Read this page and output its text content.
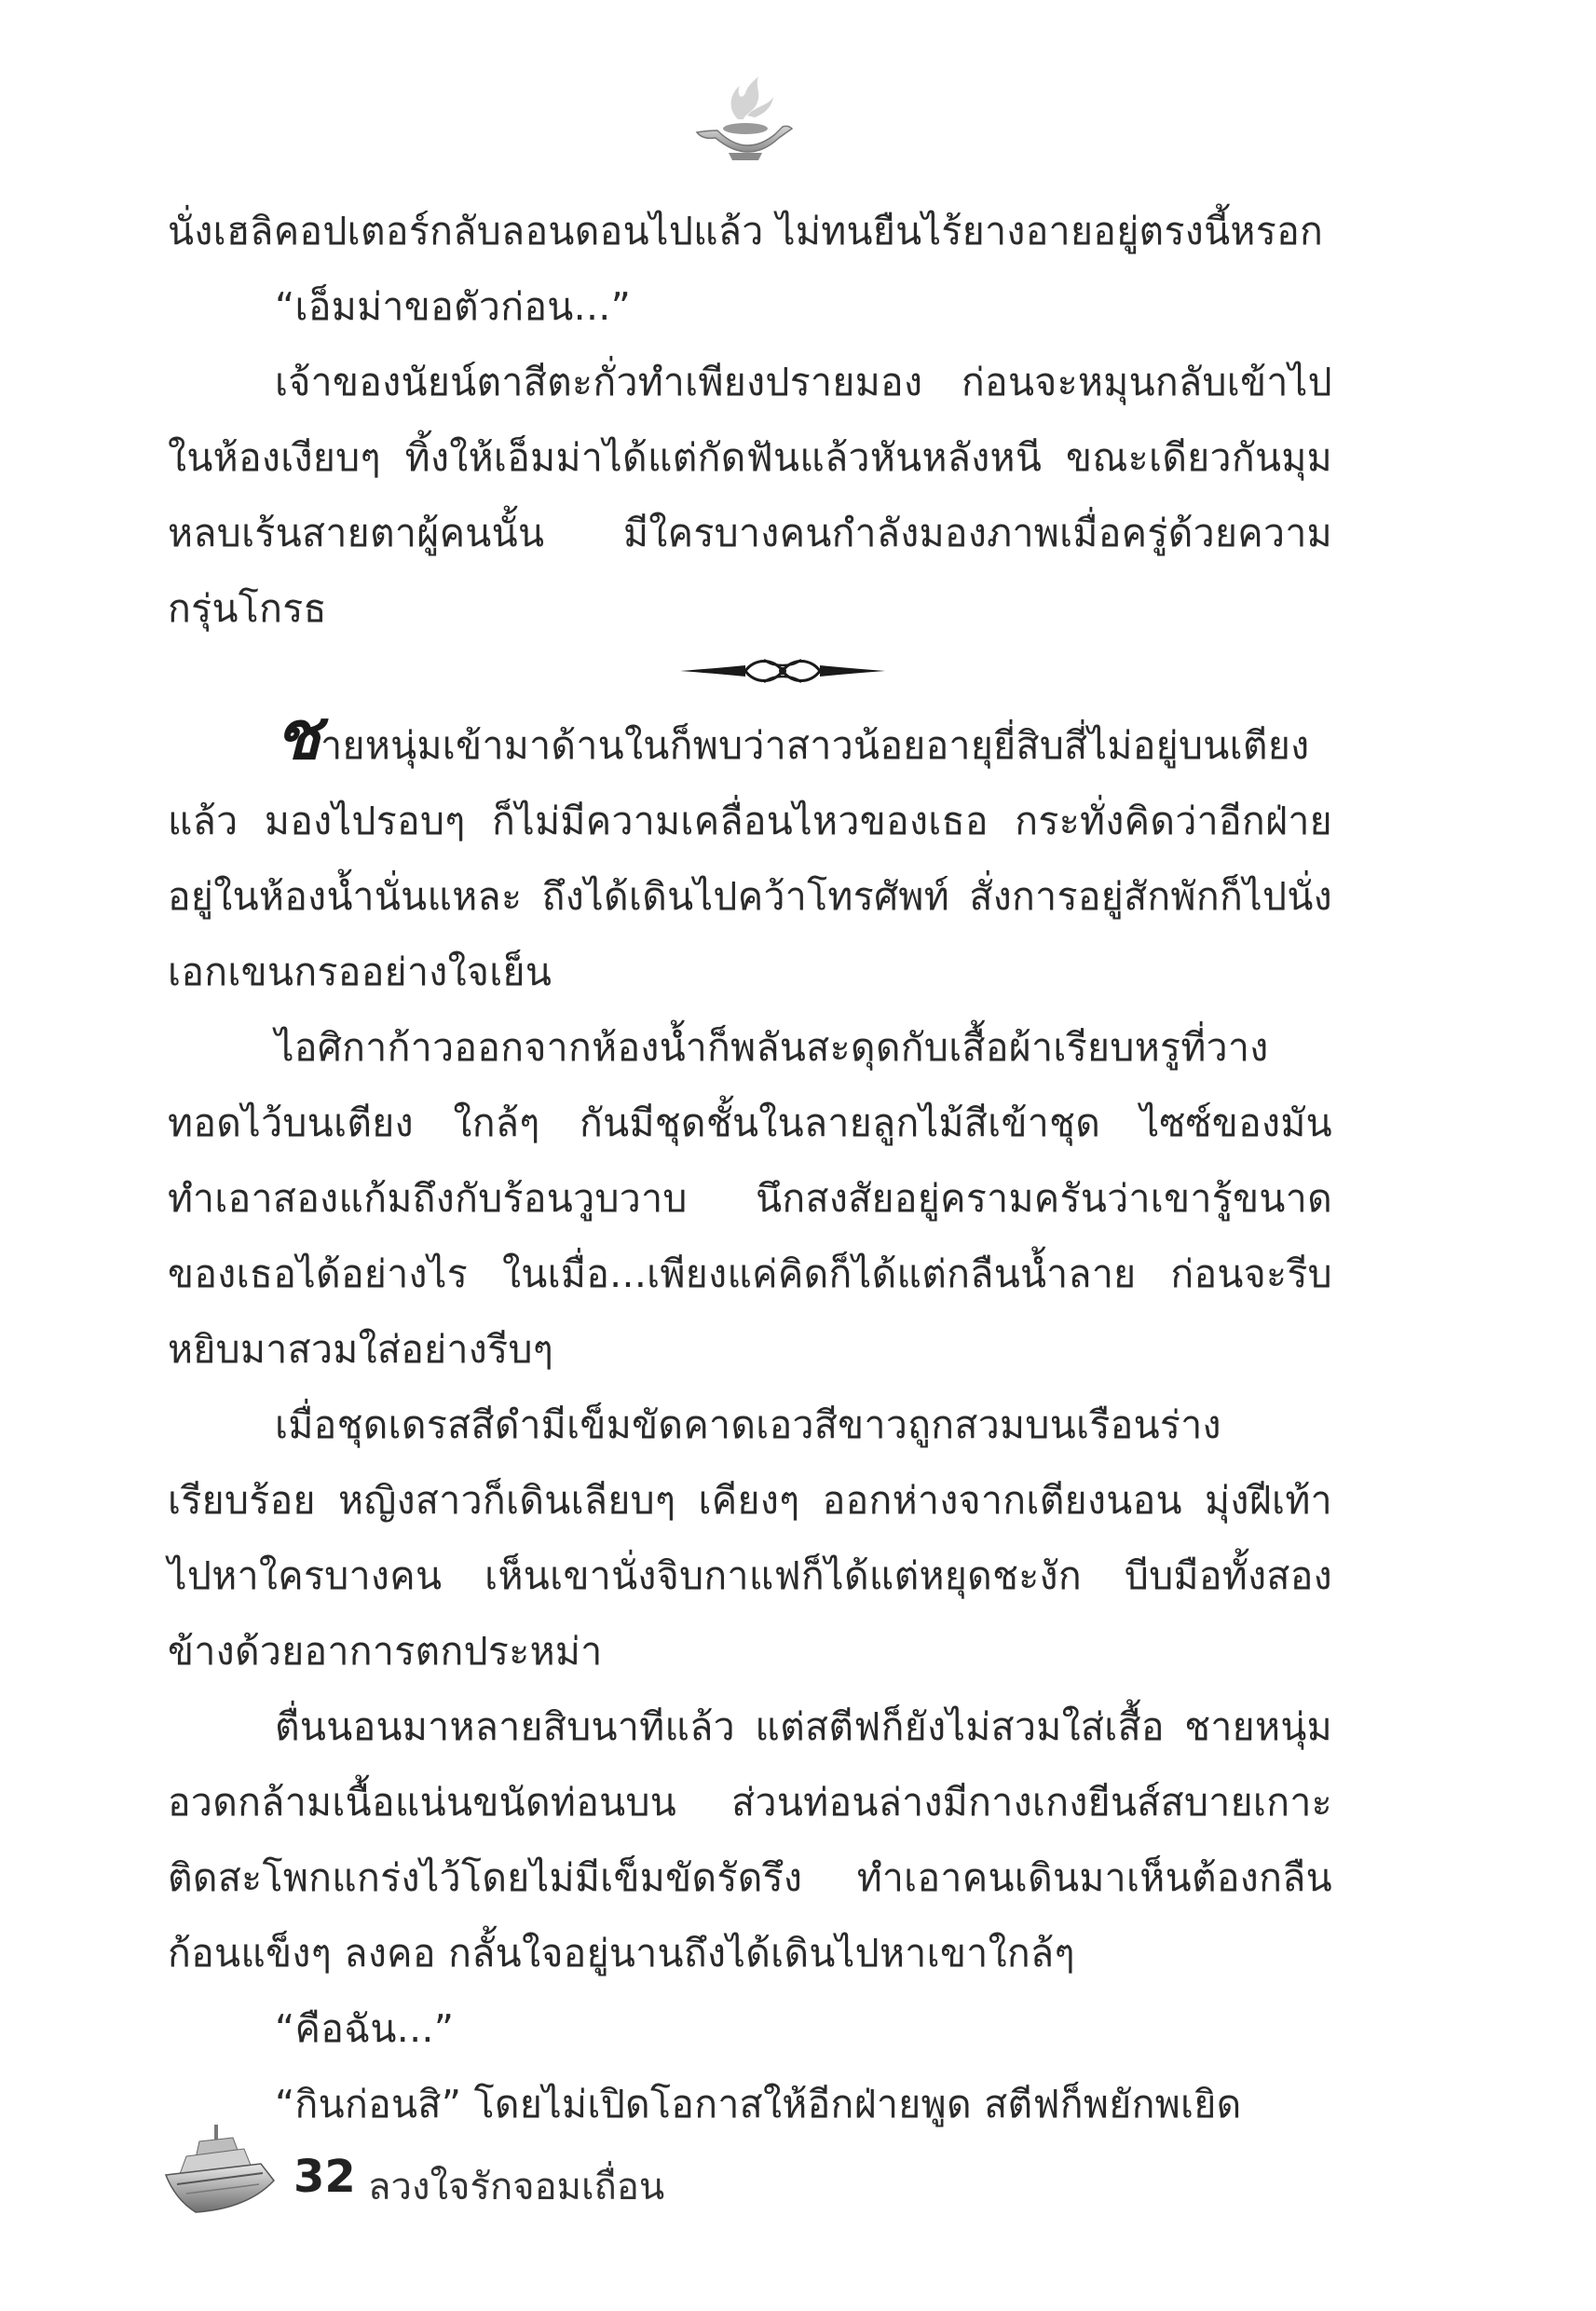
นั่งเฮลิคอปเตอร์กลับลอนดอนไปแล้ว ไม่ทนยืนไร้ยางอายอยู่ตรงนี้หรอก

“เอ็มม่าขอตัวก่อน...”

เจ้าของนัยน์ตาสีตะกั่วทำเพียงปรายมอง ก่อนจะหมุนกลับเข้าไปในห้องเงียบๆ ทิ้งให้เอ็มม่าได้แต่กัดฟันแล้วหันหลังหนี ขณะเดียวกันมุมหลบเร้นสายตาผู้คนนั้น มีใครบางคนกำลังมองภาพเมื่อครู่ด้วยความกรุ่นโกรธ

ชายหนุ่มเข้ามาด้านในก็พบว่าสาวน้อยอายุยี่สิบสี่ไม่อยู่บนเตียงแล้ว มองไปรอบๆ ก็ไม่มีความเคลื่อนไหวของเธอ กระทั่งคิดว่าอีกฝ่ายอยู่ในห้องน้ำนั่นแหละ ถึงได้เดินไปคว้าโทรศัพท์ สั่งการอยู่สักพักก็ไปนั่งเอกเขนกรออย่างใจเย็น

ไอศิกาก้าวออกจากห้องน้ำก็พลันสะดุดกับเสื้อผ้าเรียบหรูที่วางทอดไว้บนเตียง ใกล้ๆ กันมีชุดชั้นในลายลูกไม้สีเข้าชุด ไซซ์ของมันทำเอาสองแก้มถึงกับร้อนวูบวาบ นึกสงสัยอยู่ครามครันว่าเขารู้ขนาดของเธอได้อย่างไร ในเมื่อ...เพียงแค่คิดก็ได้แต่กลืนน้ำลาย ก่อนจะรีบหยิบมาสวมใส่อย่างรีบๆ

เมื่อชุดเดรสสีดำมีเข็มขัดคาดเอวสีขาวถูกสวมบนเรือนร่างเรียบร้อย หญิงสาวก็เดินเลียบๆ เคียงๆ ออกห่างจากเตียงนอน มุ่งฝีเท้าไปหาใครบางคน เห็นเขานั่งจิบกาแฟก็ได้แต่หยุดชะงัก บีบมือทั้งสองข้างด้วยอาการตกประหม่า

ตื่นนอนมาหลายสิบนาทีแล้ว แต่สตีฟก็ยังไม่สวมใส่เสื้อ ชายหนุ่มอวดกล้ามเนื้อแน่นขนัดท่อนบน ส่วนท่อนล่างมีกางเกงยีนส์สบายเกาะติดสะโพกแกร่งไว้โดยไม่มีเข็มขัดรัดรึง ทำเอาคนเดินมาเห็นต้องกลืนก้อนแข็งๆ ลงคอ กลั้นใจอยู่นานถึงได้เดินไปหาเขาใกล้ๆ

“คือฉัน...”

“กินก่อนสิ” โดยไม่เปิดโอกาสให้อีกฝ่ายพูด สตีฟก็พยักพเยิด

32 ลวงใจรักจอมเถื่อน
